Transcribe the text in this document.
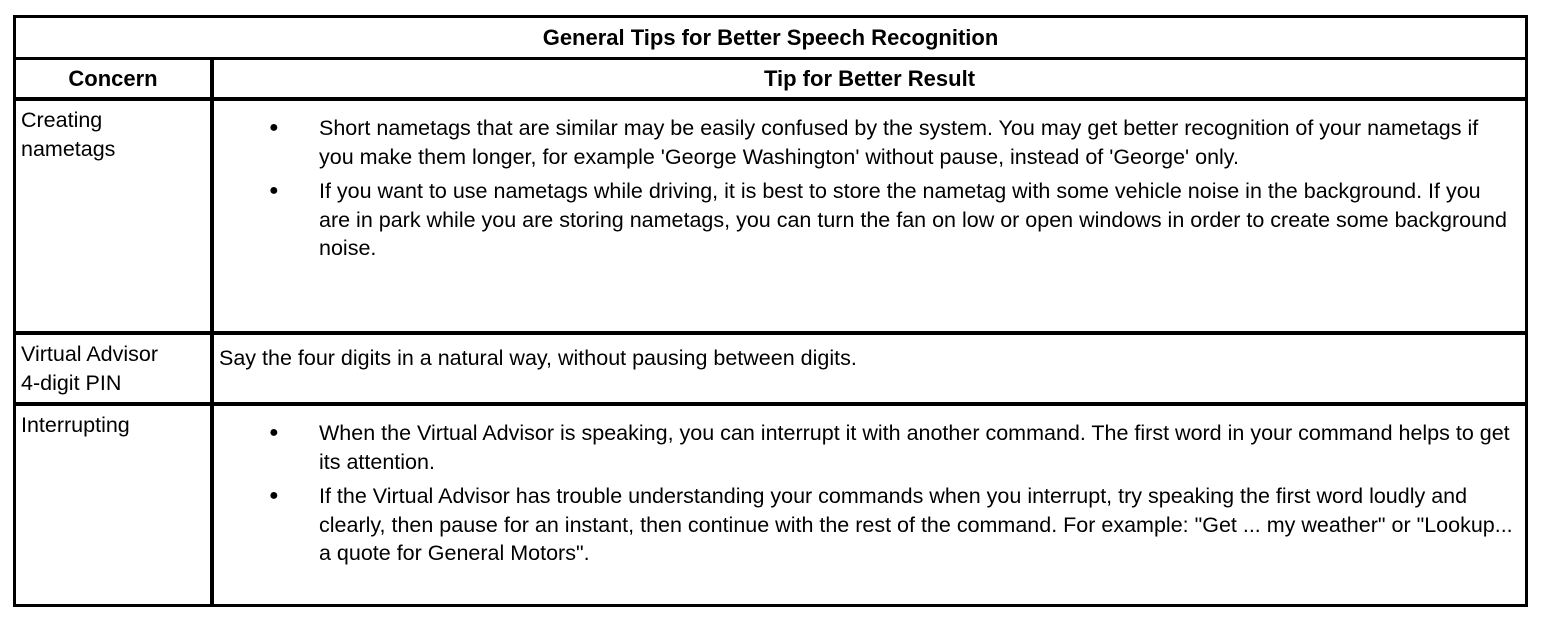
General Tips for Better Speech Recognition
Concern	Tip for Better Result
Creating
nametags
● Short nametags that are similar may be easily confused by the system. You may get better recognition of your nametags if you make them longer, for example 'George Washington' without pause, instead of 'George' only.
● If you want to use nametags while driving, it is best to store the nametag with some vehicle noise in the background. If you are in park while you are storing nametags, you can turn the fan on low or open windows in order to create some background noise.
Virtual Advisor
4-digit PIN
Say the four digits in a natural way, without pausing between digits.
Interrupting	● When the Virtual Advisor is speaking, you can interrupt it with another command. The first word in your command helps to get its attention.
● If the Virtual Advisor has trouble understanding your commands when you interrupt, try speaking the first word loudly and clearly, then pause for an instant, then continue with the rest of the command. For example: "Get ... my weather" or "Lookup... a quote for General Motors".
